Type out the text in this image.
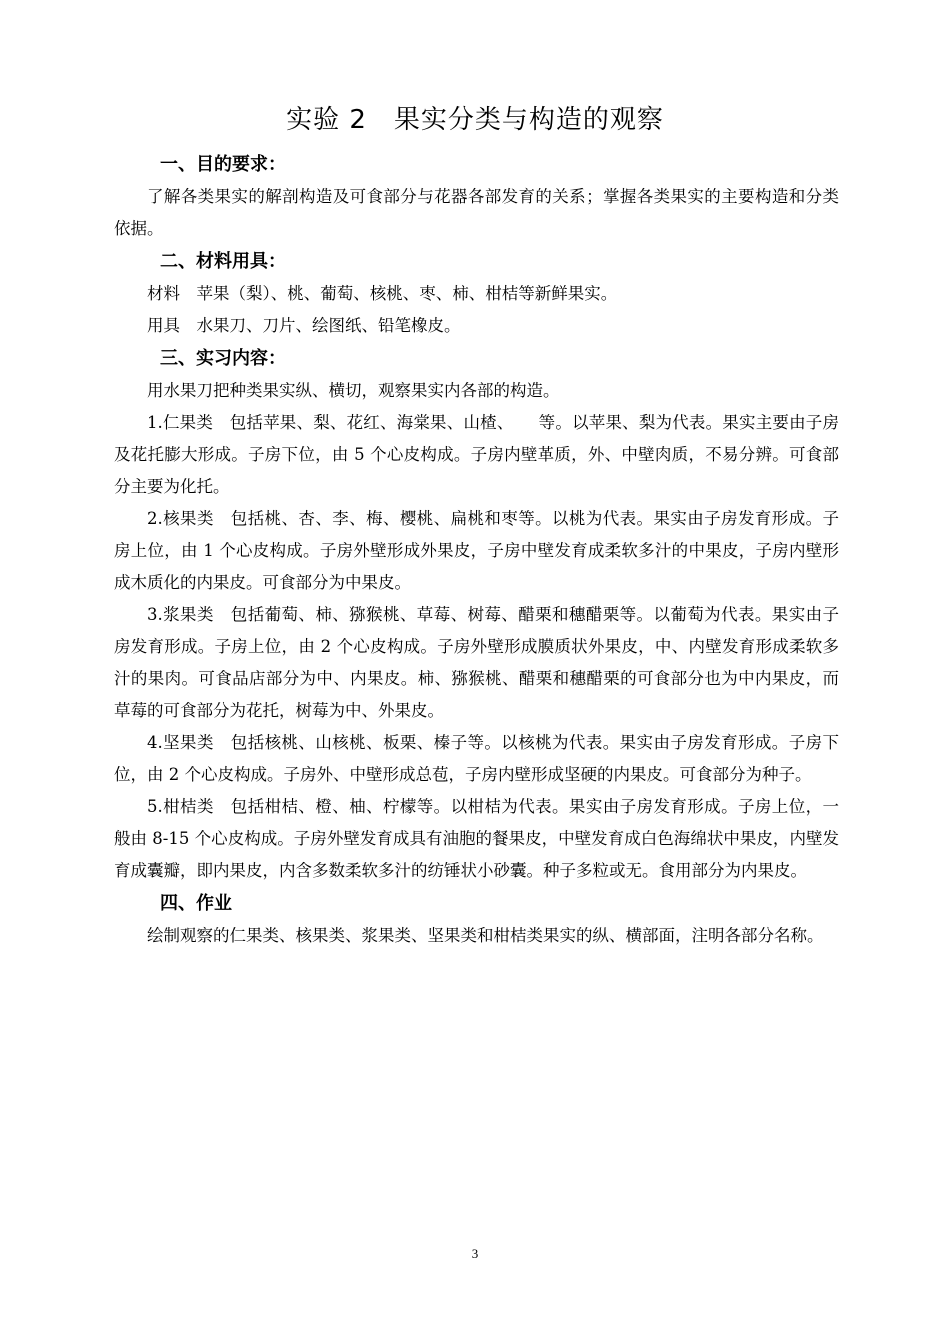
实验 2　果实分类与构造的观察

一、目的要求：

了解各类果实的解剖构造及可食部分与花器各部发育的关系；掌握各类果实的主要构造和分类依据。

二、材料用具：

材料　苹果（梨）、桃、葡萄、核桃、枣、柿、柑桔等新鲜果实。

用具　水果刀、刀片、绘图纸、铅笔橡皮。

三、实习内容：

用水果刀把种类果实纵、横切，观察果实内各部的构造。

1.仁果类　包括苹果、梨、花红、海棠果、山楂、　　等。以苹果、梨为代表。果实主要由子房及花托膨大形成。子房下位，由 5 个心皮构成。子房内壁革质，外、中壁肉质，不易分辨。可食部分主要为化托。

2.核果类　包括桃、杏、李、梅、樱桃、扁桃和枣等。以桃为代表。果实由子房发育形成。子房上位，由 1 个心皮构成。子房外壁形成外果皮，子房中壁发育成柔软多汁的中果皮，子房内壁形成木质化的内果皮。可食部分为中果皮。

3.浆果类　包括葡萄、柿、猕猴桃、草莓、树莓、醋栗和穗醋栗等。以葡萄为代表。果实由子房发育形成。子房上位，由 2 个心皮构成。子房外壁形成膜质状外果皮，中、内壁发育形成柔软多汁的果肉。可食品店部分为中、内果皮。柿、猕猴桃、醋栗和穗醋栗的可食部分也为中内果皮，而草莓的可食部分为花托，树莓为中、外果皮。

4.坚果类　包括核桃、山核桃、板栗、榛子等。以核桃为代表。果实由子房发育形成。子房下位，由 2 个心皮构成。子房外、中壁形成总苞，子房内壁形成坚硬的内果皮。可食部分为种子。

5.柑桔类　包括柑桔、橙、柚、柠檬等。以柑桔为代表。果实由子房发育形成。子房上位，一般由 8-15 个心皮构成。子房外壁发育成具有油胞的餐果皮，中壁发育成白色海绵状中果皮，内壁发育成囊瓣，即内果皮，内含多数柔软多汁的纺锤状小砂囊。种子多粒或无。食用部分为内果皮。

四、作业

绘制观察的仁果类、核果类、浆果类、坚果类和柑桔类果实的纵、横部面，注明各部分名称。

3
